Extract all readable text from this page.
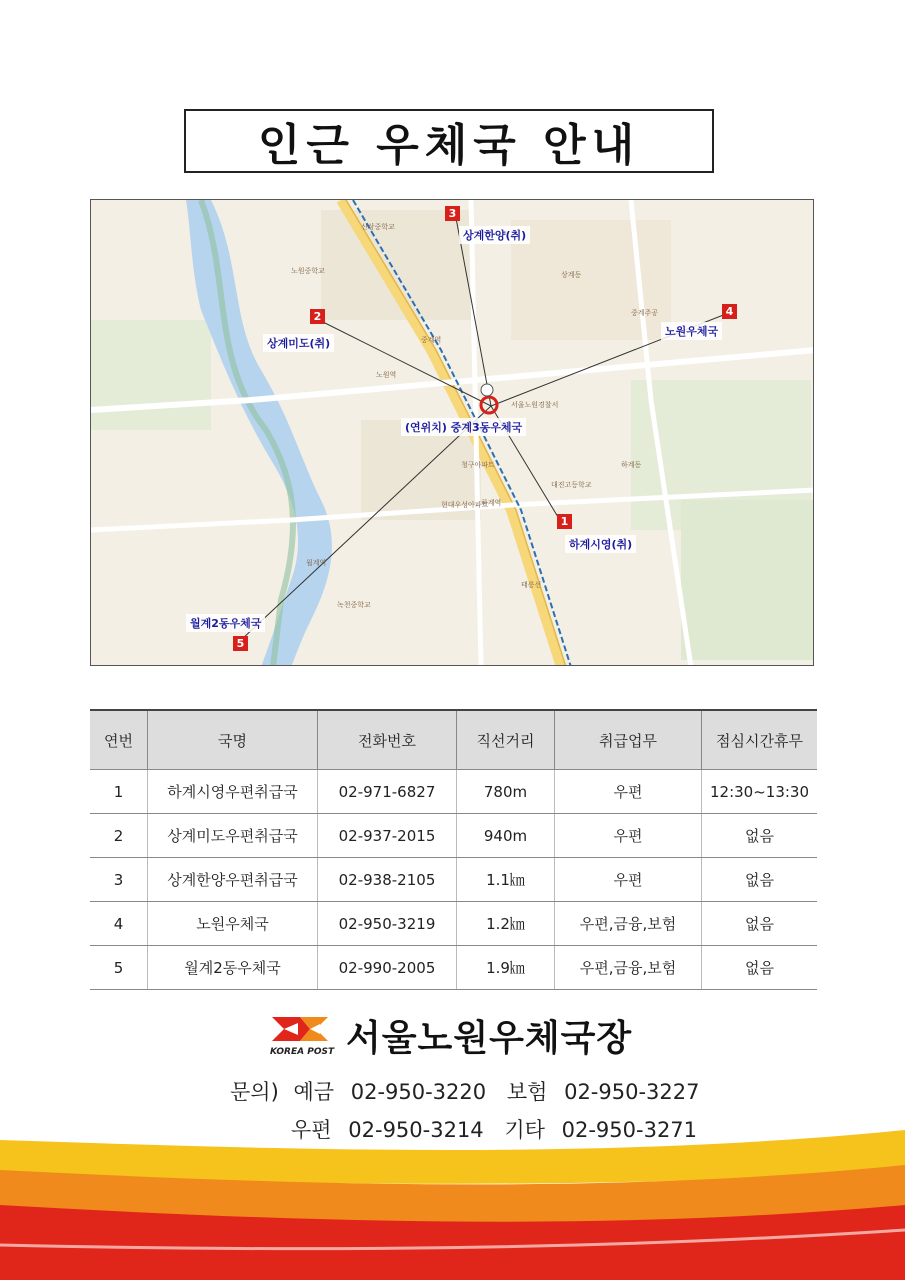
인근 우체국 안내
1
2
3
4
5
하계시영(취)
상계미도(취)
상계한양(취)
노원우체국
월계2동우체국
(연위치) 중계3동우체국
신상중학교
노원중학교
중계역
하계역
서울노원경찰서
청구아파트
대진고등학교
월계역
녹천중학교
현대우성아파트
중계주공
태릉선
노원역
하계동
상계동
연번	국명	전화번호	직선거리	취급업무	점심시간휴무
1	하계시영우편취급국	02-971-6827	780m	우편	12:30~13:30
2	상계미도우편취급국	02-937-2015	940m	우편	없음
3	상계한양우편취급국	02-938-2105	1.1㎞	우편	없음
4	노원우체국	02-950-3219	1.2㎞	우편,금융,보험	없음
5	월계2동우체국	02-990-2005	1.9㎞	우편,금융,보험	없음
KOREA POST 서울노원우체국장
문의) 예금 02-950-3220 보험 02-950-3227
우편 02-950-3214 기타 02-950-3271
